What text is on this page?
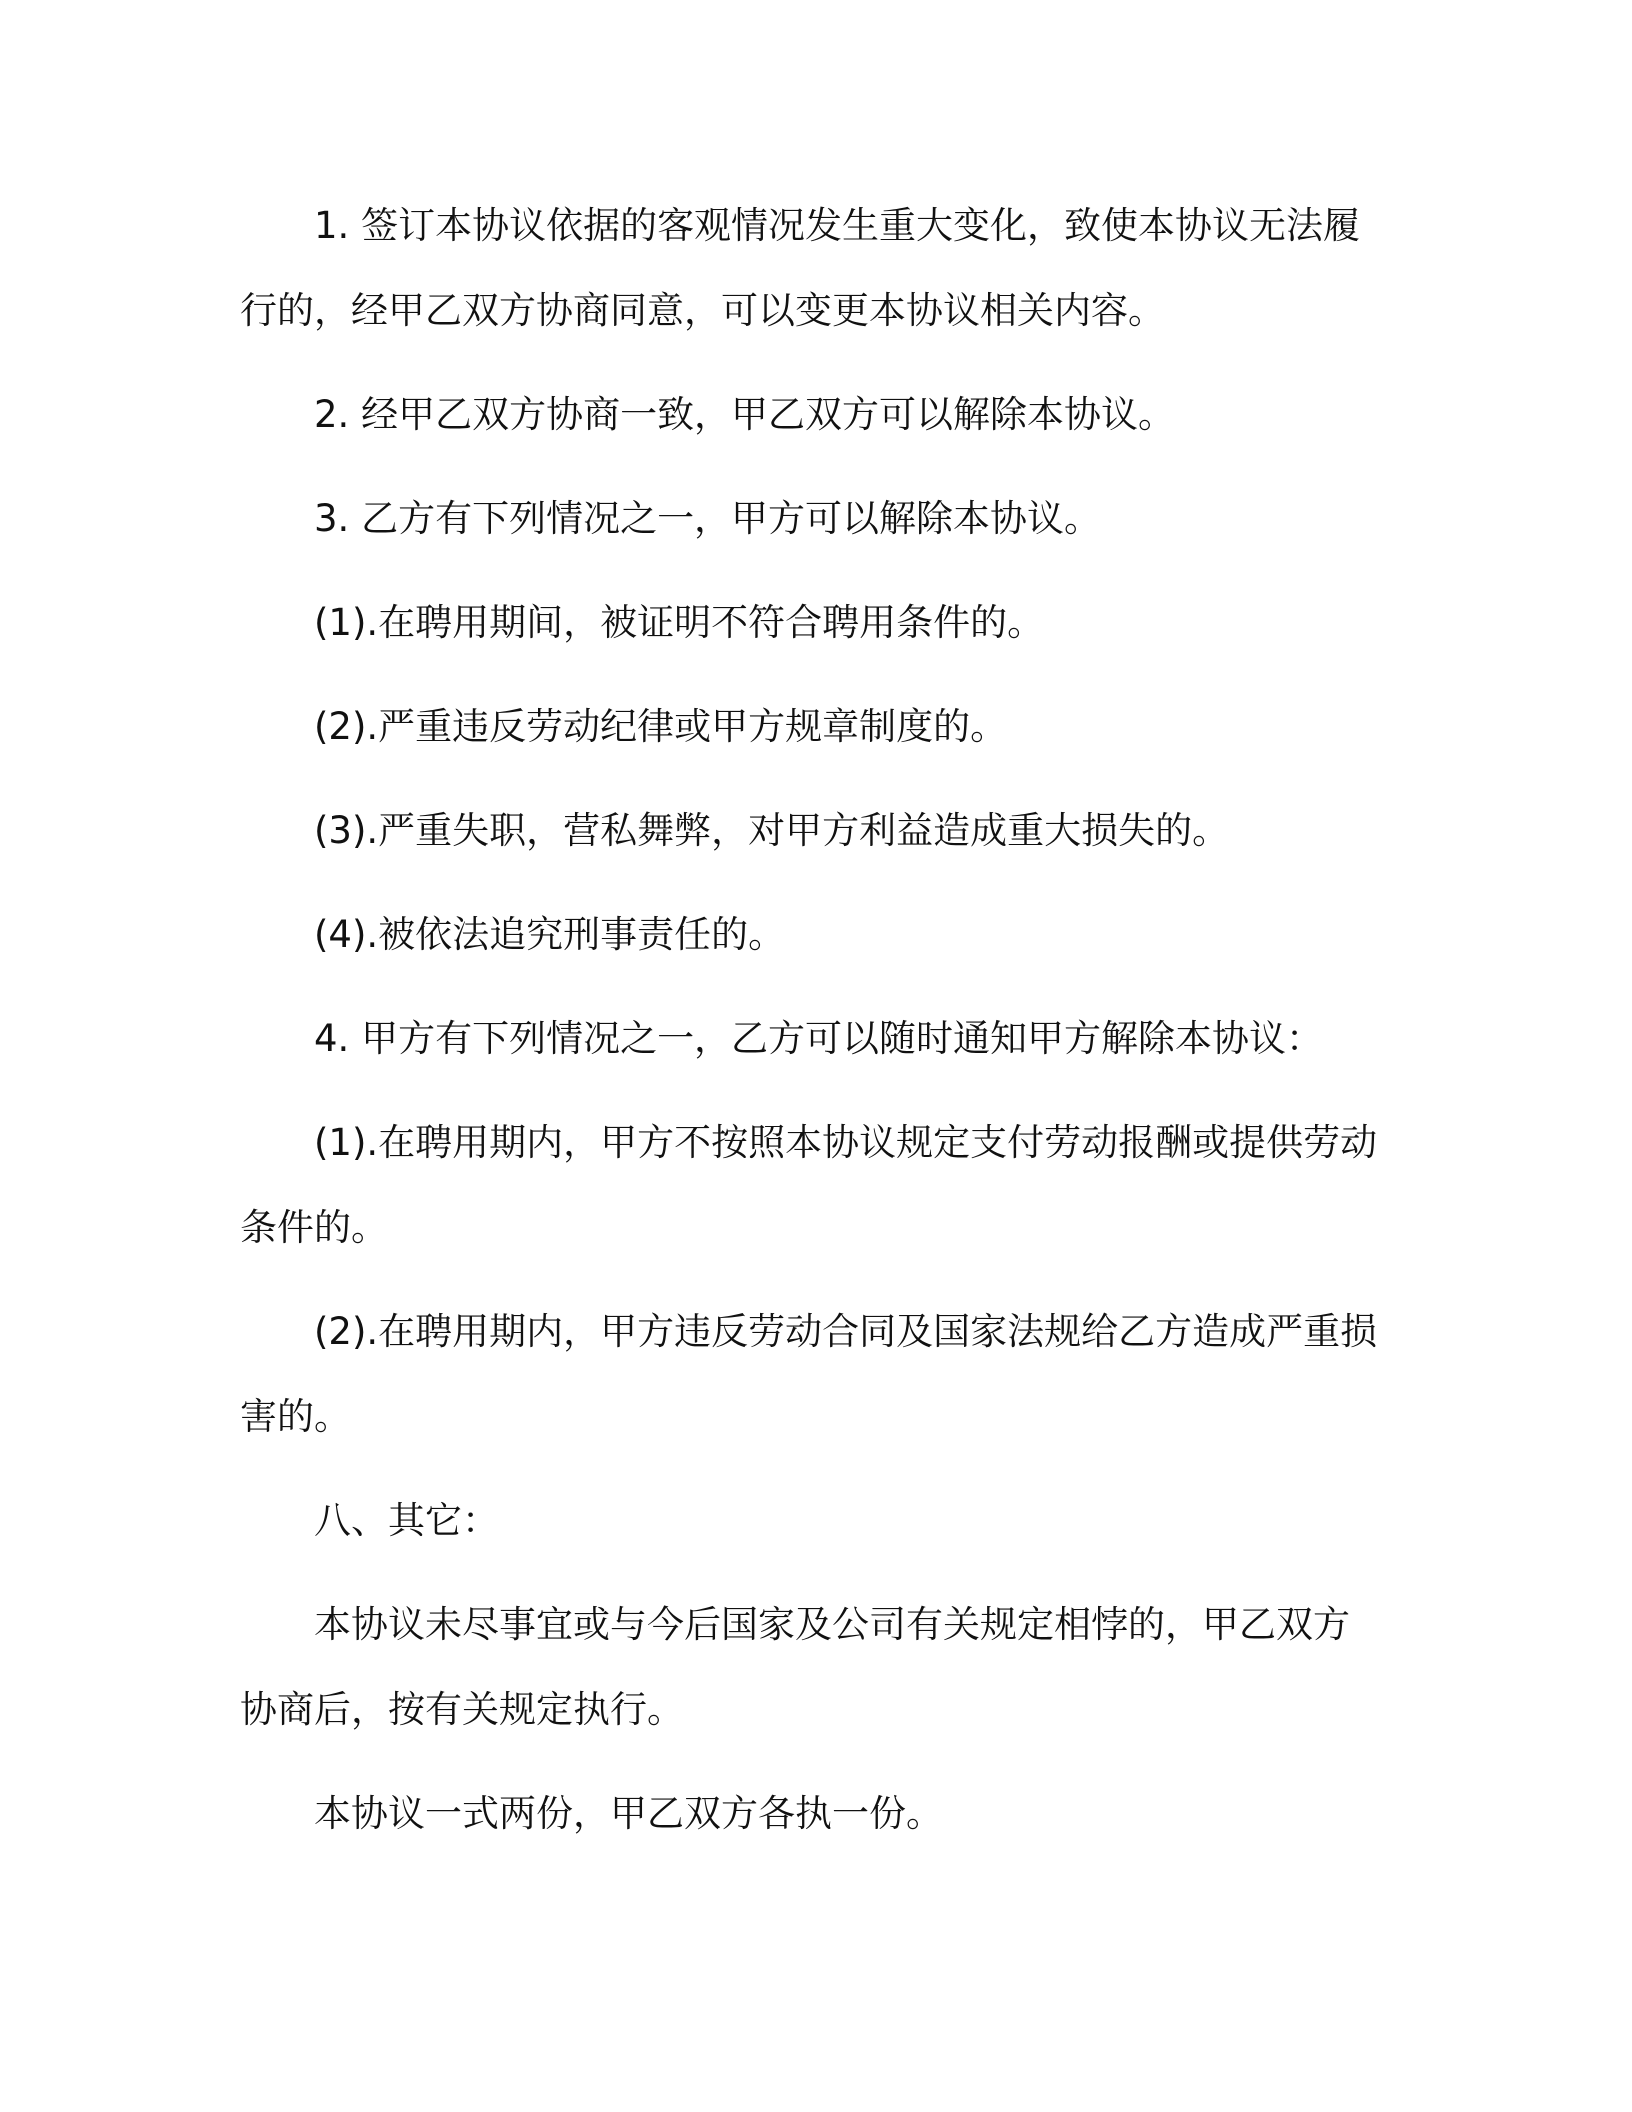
1. 签订本协议依据的客观情况发生重大变化，致使本协议无法履行的，经甲乙双方协商同意，可以变更本协议相关内容。

2. 经甲乙双方协商一致，甲乙双方可以解除本协议。

3. 乙方有下列情况之一，甲方可以解除本协议。

(1).在聘用期间，被证明不符合聘用条件的。

(2).严重违反劳动纪律或甲方规章制度的。

(3).严重失职，营私舞弊，对甲方利益造成重大损失的。

(4).被依法追究刑事责任的。

4. 甲方有下列情况之一，乙方可以随时通知甲方解除本协议：

(1).在聘用期内，甲方不按照本协议规定支付劳动报酬或提供劳动条件的。

(2).在聘用期内，甲方违反劳动合同及国家法规给乙方造成严重损害的。

八、其它：

本协议未尽事宜或与今后国家及公司有关规定相悖的，甲乙双方协商后，按有关规定执行。

本协议一式两份，甲乙双方各执一份。
